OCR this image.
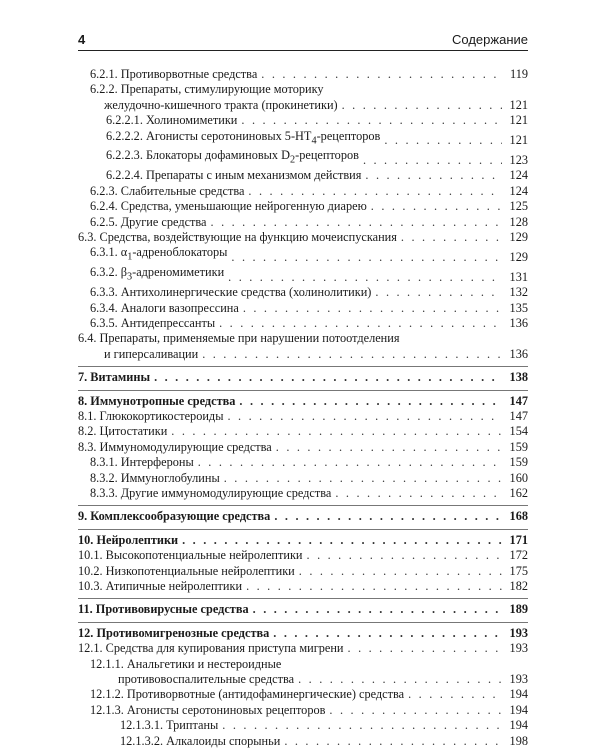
4	Содержание
6.2.1. Противорвотные средства . . .	119
6.2.2. Препараты, стимулирующие моторику
желудочно-кишечного тракта (прокинетики) . . .	121
6.2.2.1. Холиномиметики . . .	121
6.2.2.2. Агонисты серотониновых $5-HT_4$-рецепторов . . .	121
6.2.2.3. Блокаторы дофаминовых $D_2$-рецепторов . . .	123
6.2.2.4. Препараты с иным механизмом действия . . .	124
6.2.3. Слабительные средства . . .	124
6.2.4. Средства, уменьшающие нейрогенную диарею . . .	125
6.2.5. Другие средства . . .	128
6.3. Средства, воздействующие на функцию мочеиспускания . . .	129
6.3.1. $\alpha_1$-адреноблокаторы . . .	129
6.3.2. $\beta_3$-адреномиметики . . .	131
6.3.3. Антихолинергические средства (холинолитики) . . .	132
6.3.4. Аналоги вазопрессина . . .	135
6.3.5. Антидепрессанты . . .	136
6.4. Препараты, применяемые при нарушении потоотделения
и гиперсаливации . . .	136
7. Витамины . . .	138
8. Иммунотропные средства . . .	147
8.1. Глюкокортикостероиды . . .	147
8.2. Цитостатики . . .	154
8.3. Иммуномодулирующие средства . . .	159
8.3.1. Интерфероны . . .	159
8.3.2. Иммуноглобулины . . .	160
8.3.3. Другие иммуномодулирующие средства . . .	162
9. Комплексообразующие средства . . .	168
10. Нейролептики . . .	171
10.1. Высокопотенциальные нейролептики . . .	172
10.2. Низкопотенциальные нейролептики . . .	175
10.3. Атипичные нейролептики . . .	182
11. Противовирусные средства . . .	189
12. Противомигренозные средства . . .	193
12.1. Средства для купирования приступа мигрени . . .	193
12.1.1. Анальгетики и нестероидные
противовоспалительные средства . . .	193
12.1.2. Противорвотные (антидофаминергические) средства . . .	194
12.1.3. Агонисты серотониновых рецепторов . . .	194
12.1.3.1. Триптаны . . .	194
12.1.3.2. Алкалоиды спорыньи . . .	198
